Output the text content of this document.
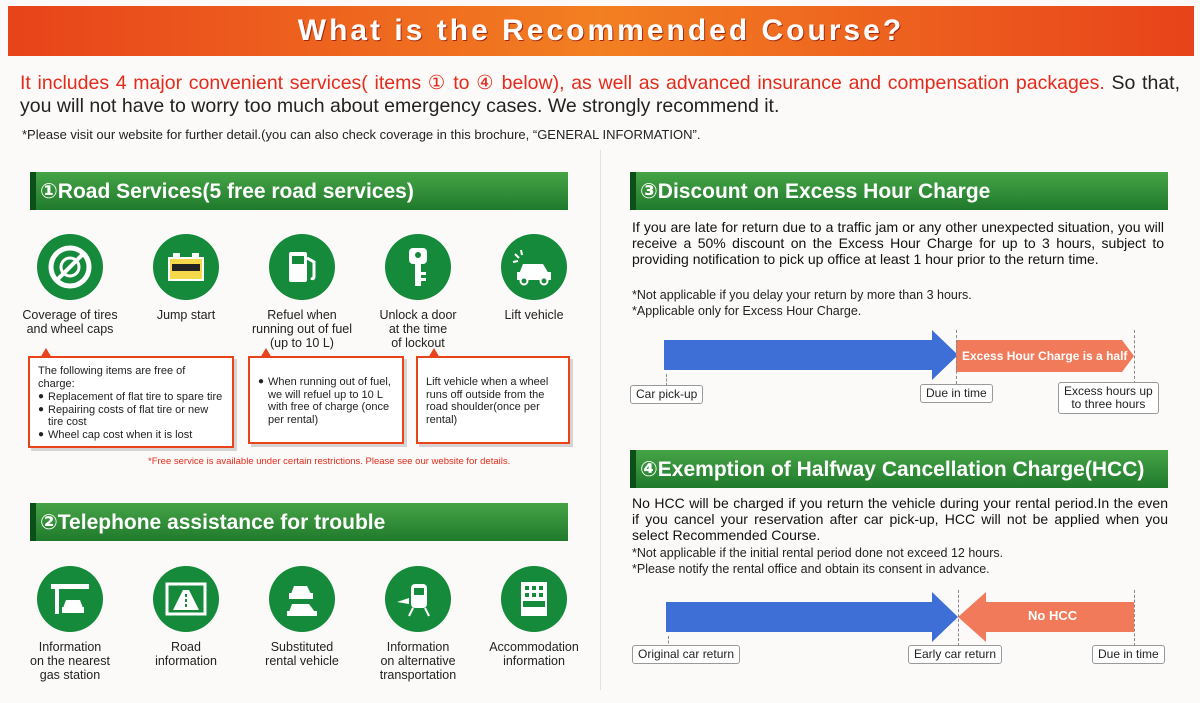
What is the Recommended Course?
It includes 4 major convenient services( items ① to ④ below), as well as advanced insurance and compensation packages. So that, you will not have to worry too much about emergency cases. We strongly recommend it.
*Please visit our website for further detail.(you can also check coverage in this brochure, “GENERAL INFORMATION”.
①Road Services(5 free road services)
Coverage of tires
and wheel caps
Jump start	Refuel when
running out of fuel
(up to 10 L)
Unlock a door
at the time
of lockout
Lift vehicle
The following items are free of charge:
● Replacement of flat tire to spare tire
● Repairing costs of flat tire or new tire cost
● Wheel cap cost when it is lost
● When running out of fuel, we will refuel up to 10 L with free of charge (once per rental)
Lift vehicle when a wheel runs off outside from the road shoulder(once per rental)
*Free service is available under certain restrictions. Please see our website for details.
②Telephone assistance for trouble
Information
on the nearest
gas station
Road
information
Substituted
rental vehicle
Information
on alternative
transportation
Accommodation
information
③Discount on Excess Hour Charge
If you are late for return due to a traffic jam or any other unexpected situation, you will receive a 50% discount on the Excess Hour Charge for up to 3 hours, subject to providing notification to pick up office at least 1 hour prior to the return time.
*Not applicable if you delay your return by more than 3 hours.
*Applicable only for Excess Hour Charge.
Excess Hour Charge is a half
Car pick-up	Due in time	Excess hours up
to three hours
④Exemption of Halfway Cancellation Charge(HCC)
No HCC will be charged if you return the vehicle during your rental period.In the even if you cancel your reservation after car pick-up, HCC will not be applied when you select Recommended Course.
*Not applicable if the initial rental period done not exceed 12 hours.
*Please notify the rental office and obtain its consent in advance.
No HCC
Original car return	Early car return	Due in time
